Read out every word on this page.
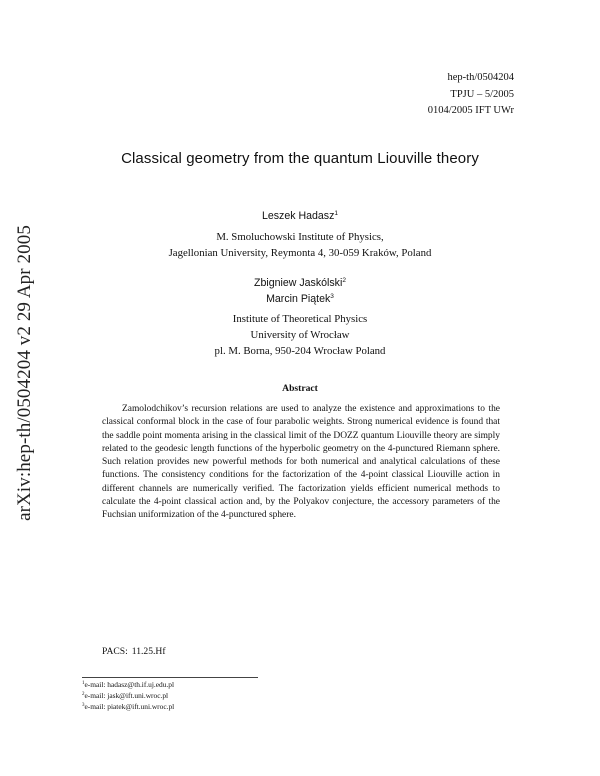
hep-th/0504204
TPJU – 5/2005
0104/2005 IFT UWr
arXiv:hep-th/0504204 v2 29 Apr 2005
Classical geometry from the quantum Liouville theory
Leszek Hadasz$^1$
M. Smoluchowski Institute of Physics,
Jagellonian University, Reymonta 4, 30-059 Kraków, Poland
Zbigniew Jaskólski$^2$
Marcin Piątek$^3$
Institute of Theoretical Physics
University of Wrocław
pl. M. Borna, 950-204 Wrocław Poland
Abstract

Zamolodchikov’s recursion relations are used to analyze the existence and approximations to the classical conformal block in the case of four parabolic weights. Strong numerical evidence is found that the saddle point momenta arising in the classical limit of the DOZZ quantum Liouville theory are simply related to the geodesic length functions of the hyperbolic geometry on the 4-punctured Riemann sphere. Such relation provides new powerful methods for both numerical and analytical calculations of these functions. The consistency conditions for the factorization of the 4-point classical Liouville action in different channels are numerically verified. The factorization yields efficient numerical methods to calculate the 4-point classical action and, by the Polyakov conjecture, the accessory parameters of the Fuchsian uniformization of the 4-punctured sphere.

PACS: 11.25.Hf
$^1$e-mail: hadasz@th.if.uj.edu.pl
$^2$e-mail: jask@ift.uni.wroc.pl
$^3$e-mail: piatek@ift.uni.wroc.pl
